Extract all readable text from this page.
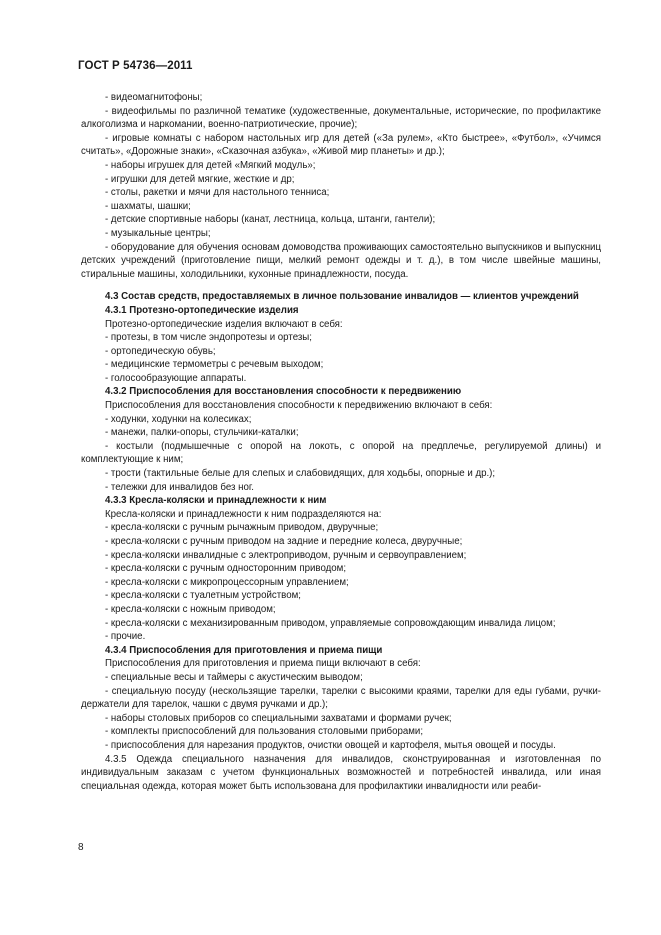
ГОСТ Р 54736—2011

- видеомагнитофоны;

- видеофильмы по различной тематике (художественные, документальные, исторические, по профилактике алкоголизма и наркомании, военно-патриотические, прочие);

- игровые комнаты с набором настольных игр для детей («За рулем», «Кто быстрее», «Футбол», «Учимся считать», «Дорожные знаки», «Сказочная азбука», «Живой мир планеты» и др.);

- наборы игрушек для детей «Мягкий модуль»;

- игрушки для детей мягкие, жесткие и др;

- столы, ракетки и мячи для настольного тенниса;

- шахматы, шашки;

- детские спортивные наборы (канат, лестница, кольца, штанги, гантели);

- музыкальные центры;

- оборудование для обучения основам домоводства проживающих самостоятельно выпускников и выпускниц детских учреждений (приготовление пищи, мелкий ремонт одежды и т. д.), в том числе швейные машины, стиральные машины, холодильники, кухонные принадлежности, посуда.

4.3 Состав средств, предоставляемых в личное пользование инвалидов — клиентов учреждений

4.3.1 Протезно-ортопедические изделия

Протезно-ортопедические изделия включают в себя:

- протезы, в том числе эндопротезы и ортезы;

- ортопедическую обувь;

- медицинские термометры с речевым выходом;

- голосообразующие аппараты.

4.3.2 Приспособления для восстановления способности к передвижению

Приспособления для восстановления способности к передвижению включают в себя:

- ходунки, ходунки на колесиках;

- манежи, палки-опоры, стульчики-каталки;

- костыли (подмышечные с опорой на локоть, с опорой на предплечье, регулируемой длины) и комплектующие к ним;

- трости (тактильные белые для слепых и слабовидящих, для ходьбы, опорные и др.);

- тележки для инвалидов без ног.

4.3.3 Кресла-коляски и принадлежности к ним

Кресла-коляски и принадлежности к ним подразделяются на:

- кресла-коляски с ручным рычажным приводом, двуручные;

- кресла-коляски с ручным приводом на задние и передние колеса, двуручные;

- кресла-коляски инвалидные с электроприводом, ручным и сервоуправлением;

- кресла-коляски с ручным односторонним приводом;

- кресла-коляски с микропроцессорным управлением;

- кресла-коляски с туалетным устройством;

- кресла-коляски с ножным приводом;

- кресла-коляски с механизированным приводом, управляемые сопровождающим инвалида лицом;

- прочие.

4.3.4 Приспособления для приготовления и приема пищи

Приспособления для приготовления и приема пищи включают в себя:

- специальные весы и таймеры с акустическим выводом;

- специальную посуду (нескользящие тарелки, тарелки с высокими краями, тарелки для еды губами, ручки-держатели для тарелок, чашки с двумя ручками и др.);

- наборы столовых приборов со специальными захватами и формами ручек;

- комплекты приспособлений для пользования столовыми приборами;

- приспособления для нарезания продуктов, очистки овощей и картофеля, мытья овощей и посуды.

4.3.5 Одежда специального назначения для инвалидов, сконструированная и изготовленная по индивидуальным заказам с учетом функциональных возможностей и потребностей инвалида, или иная специальная одежда, которая может быть использована для профилактики инвалидности или реаби-

8
